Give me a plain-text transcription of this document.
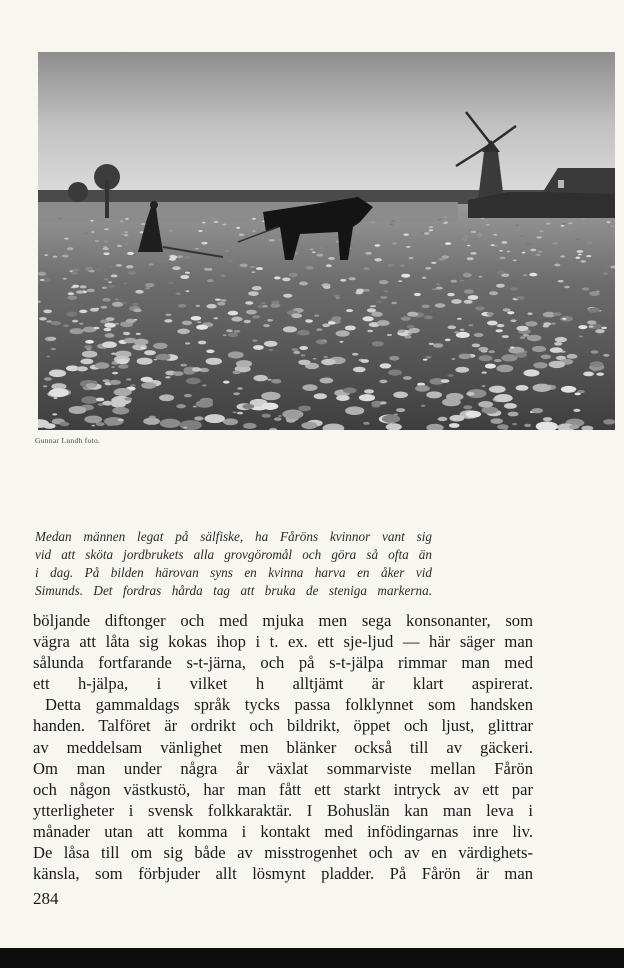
Gunnar Lundh foto.
Medan männen legat på sälfiske, ha Fåröns kvinnor vant sig
vid att sköta jordbrukets alla grovgöromål och göra så ofta än
i dag. På bilden härovan syns en kvinna harva en åker vid
Simunds. Det fordras hårda tag att bruka de steniga markerna.
böljande diftonger och med mjuka men sega konsonanter, som
vägra att låta sig kokas ihop i t. ex. ett sje-ljud — här säger man
sålunda fortfarande s-t-järna, och på s-t-jälpa rimmar man med
ett h-jälpa, i vilket h alltjämt är klart aspirerat.
Detta gammaldags språk tycks passa folklynnet som handsken
handen. Talföret är ordrikt och bildrikt, öppet och ljust, glittrar
av meddelsam vänlighet men blänker också till av gäckeri.
Om man under några år växlat sommarviste mellan Fårön
och någon västkustö, har man fått ett starkt intryck av ett par
ytterligheter i svensk folkkaraktär. I Bohuslän kan man leva i
månader utan att komma i kontakt med infödingarnas inre liv.
De låsa till om sig både av misstrogenhet och av en värdighets-
känsla, som förbjuder allt lösmynt pladder. På Fårön är man
284
